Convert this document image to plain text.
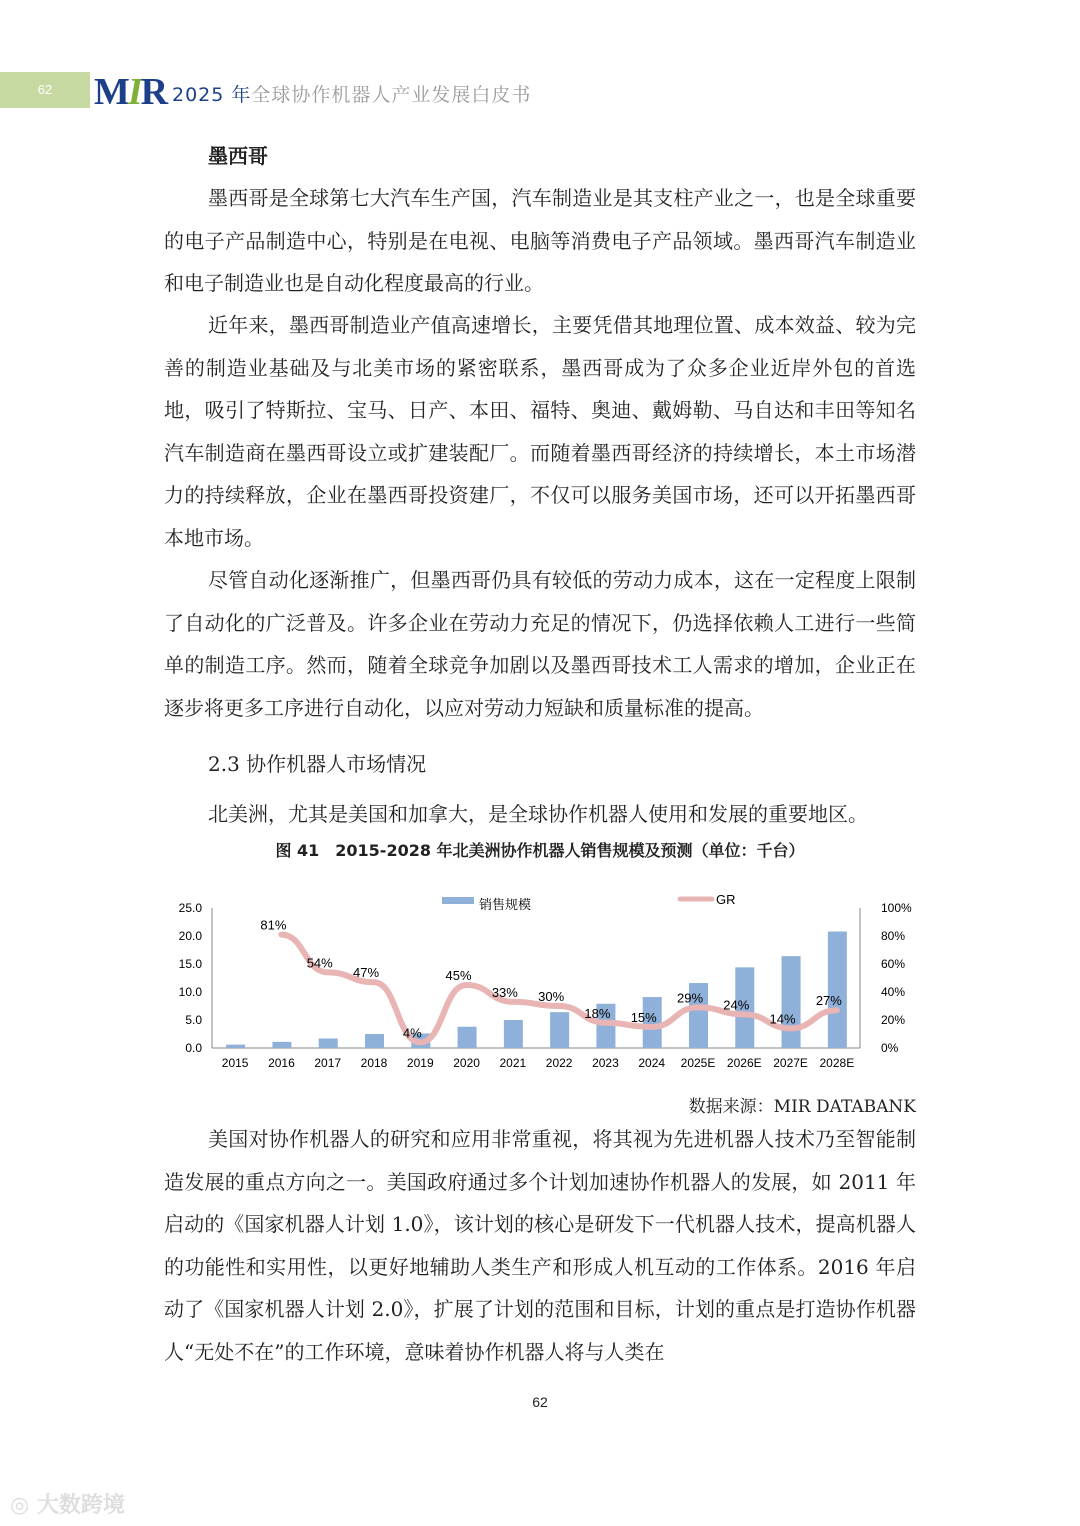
62	MIR 2025 年全球协作机器人产业发展白皮书
墨西哥
墨西哥是全球第七大汽车生产国，汽车制造业是其支柱产业之一，也是全球重要的电子产品制造中心，特别是在电视、电脑等消费电子产品领域。墨西哥汽车制造业和电子制造业也是自动化程度最高的行业。
近年来，墨西哥制造业产值高速增长，主要凭借其地理位置、成本效益、较为完善的制造业基础及与北美市场的紧密联系，墨西哥成为了众多企业近岸外包的首选地，吸引了特斯拉、宝马、日产、本田、福特、奥迪、戴姆勒、马自达和丰田等知名汽车制造商在墨西哥设立或扩建装配厂。而随着墨西哥经济的持续增长，本土市场潜力的持续释放，企业在墨西哥投资建厂，不仅可以服务美国市场，还可以开拓墨西哥本地市场。
尽管自动化逐渐推广，但墨西哥仍具有较低的劳动力成本，这在一定程度上限制了自动化的广泛普及。许多企业在劳动力充足的情况下，仍选择依赖人工进行一些简单的制造工序。然而，随着全球竞争加剧以及墨西哥技术工人需求的增加，企业正在逐步将更多工序进行自动化，以应对劳动力短缺和质量标准的提高。
2.3 协作机器人市场情况
北美洲，尤其是美国和加拿大，是全球协作机器人使用和发展的重要地区。
图 41　2015-2028 年北美洲协作机器人销售规模及预测（单位：千台）
0.0
5.0
10.0
15.0
20.0
25.0
0%
20%
40%
60%
80%
100%
2015 2016 2017 2018 2019 2020 2021 2022 2023 2024 2025E 2026E 2027E 2028E
81%
54%
47%
4%
45%
33% 30%
18% 15%
29% 24%
14%
27%
销售规模	GR
数据来源：MIR DATABANK
美国对协作机器人的研究和应用非常重视，将其视为先进机器人技术乃至智能制造发展的重点方向之一。美国政府通过多个计划加速协作机器人的发展，如 2011 年启动的《国家机器人计划 1.0》，该计划的核心是研发下一代机器人技术，提高机器人的功能性和实用性，以更好地辅助人类生产和形成人机互动的工作体系。2016 年启动了《国家机器人计划 2.0》，扩展了计划的范围和目标，计划的重点是打造协作机器人“无处不在”的工作环境，意味着协作机器人将与人类在
62
◎ 大数跨境
